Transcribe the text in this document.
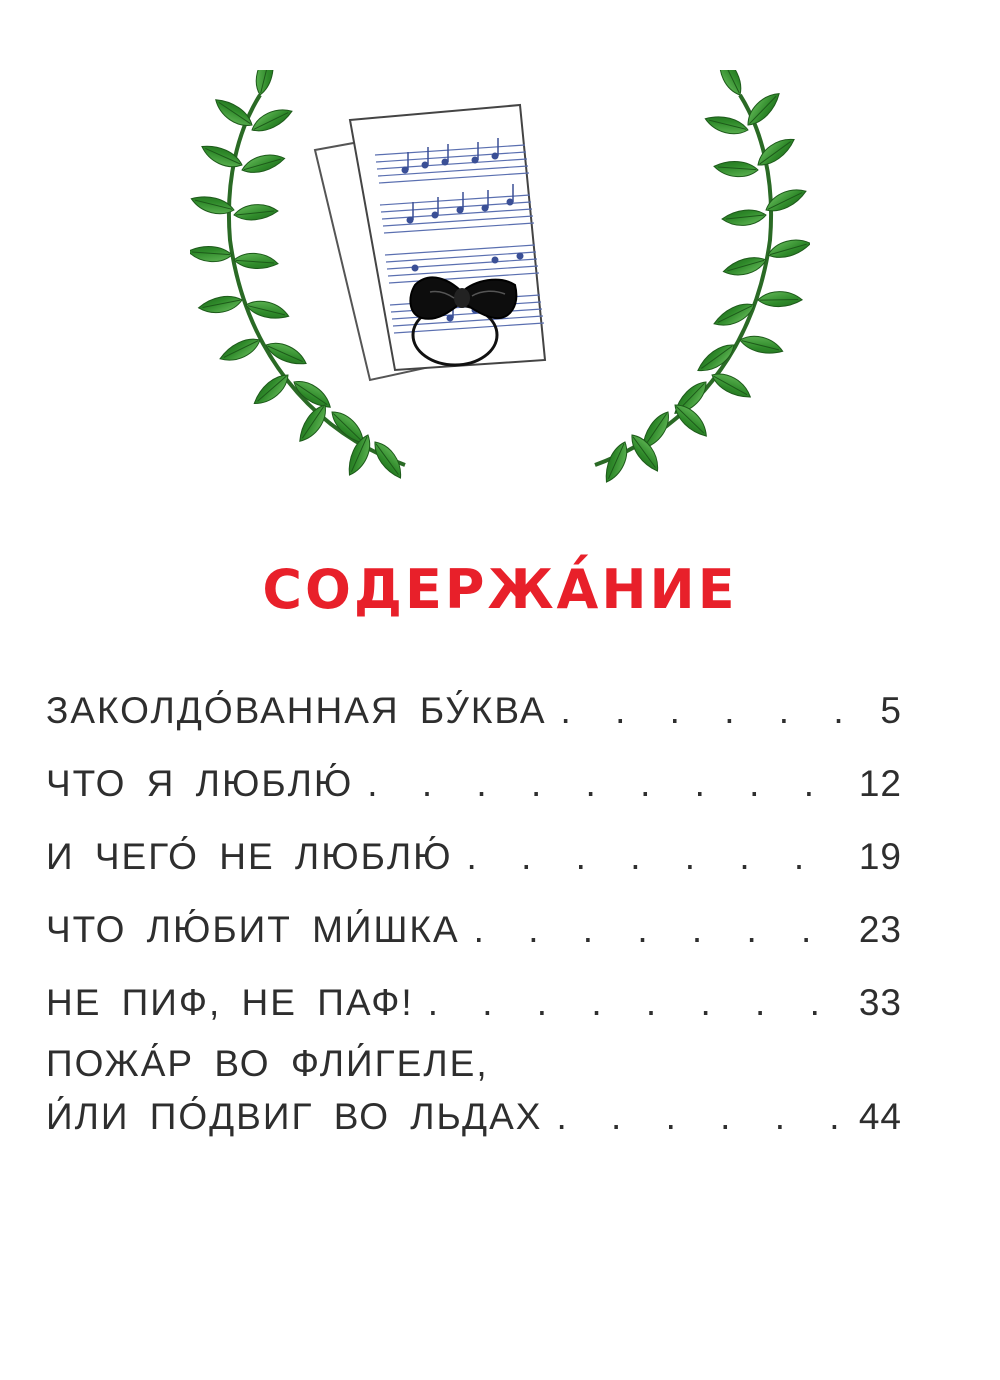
СОДЕРЖА́НИЕ
ЗАКОЛДО́ВАННАЯ БУ́КВА . . .	5
ЧТО Я ЛЮБЛЮ́ . . .	12
И ЧЕГО́ НЕ ЛЮБЛЮ́ . . .	19
ЧТО ЛЮ́БИТ МИ́ШКА . . .	23
НЕ ПИФ, НЕ ПАФ! . . .	33
ПОЖА́Р ВО ФЛИ́ГЕЛЕ,
И́ЛИ ПО́ДВИГ ВО ЛЬДАХ . . .	44
